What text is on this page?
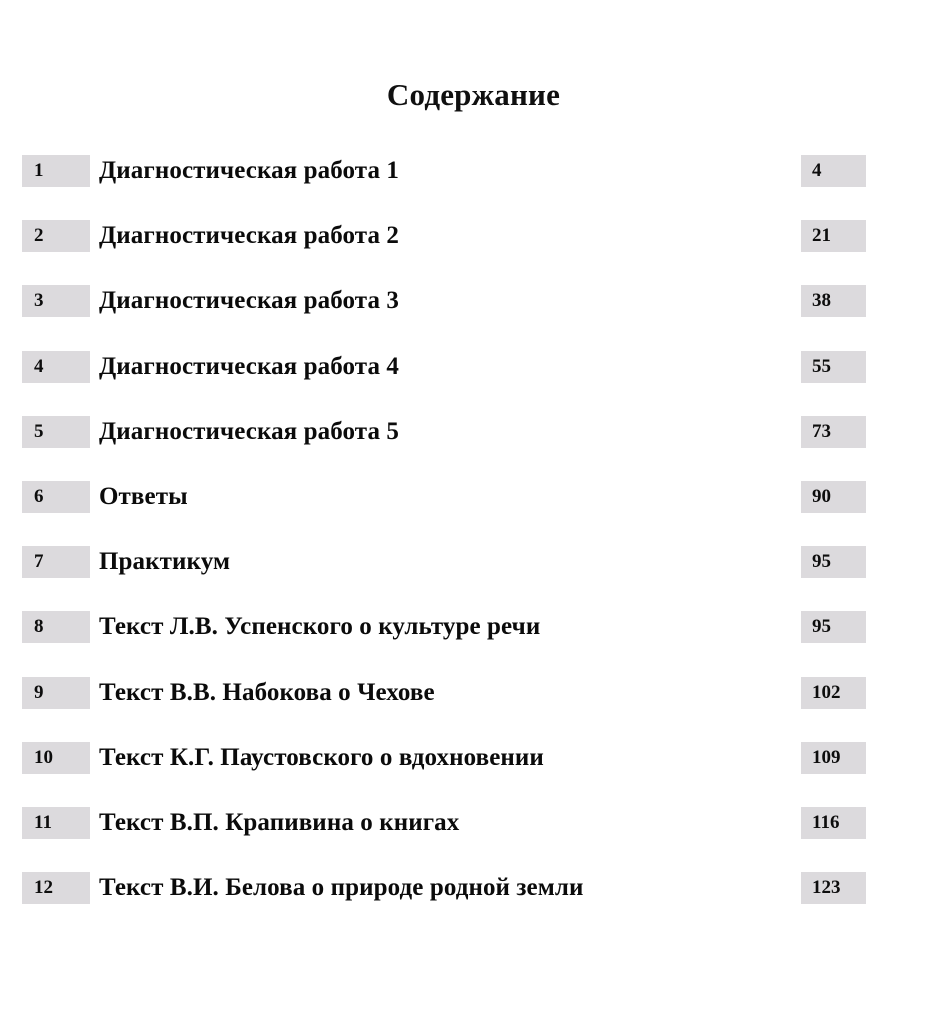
Содержание
1	Диагностическая работа 1	4
2	Диагностическая работа 2	21
3	Диагностическая работа 3	38
4	Диагностическая работа 4	55
5	Диагностическая работа 5	73
6	Ответы	90
7	Практикум	95
8	Текст Л.В. Успенского о культуре речи	95
9	Текст В.В. Набокова о Чехове	102
10	Текст К.Г. Паустовского о вдохновении	109
11	Текст В.П. Крапивина о книгах	116
12	Текст В.И. Белова о природе родной земли	123
